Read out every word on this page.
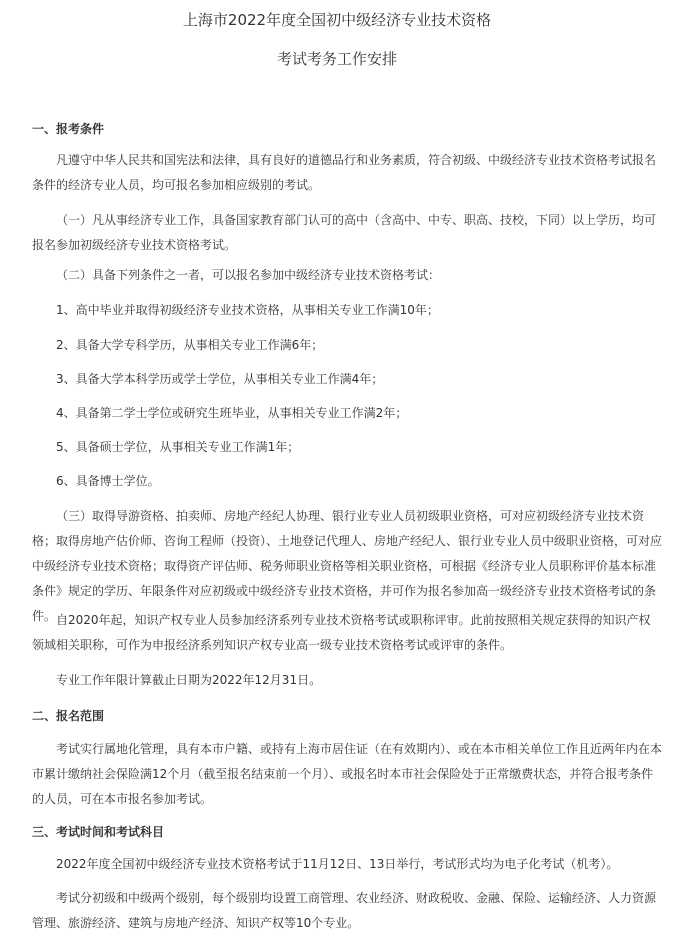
上海市2022年度全国初中级经济专业技术资格
考试考务工作安排

一、报考条件

凡遵守中华人民共和国宪法和法律，具有良好的道德品行和业务素质，符合初级、中级经济专业技术资格考试报名条件的经济专业人员，均可报名参加相应级别的考试。

（一）凡从事经济专业工作，具备国家教育部门认可的高中（含高中、中专、职高、技校，下同）以上学历，均可报名参加初级经济专业技术资格考试。

（二）具备下列条件之一者，可以报名参加中级经济专业技术资格考试：

1、高中毕业并取得初级经济专业技术资格，从事相关专业工作满10年；

2、具备大学专科学历，从事相关专业工作满6年；

3、具备大学本科学历或学士学位，从事相关专业工作满4年；

4、具备第二学士学位或研究生班毕业，从事相关专业工作满2年；

5、具备硕士学位，从事相关专业工作满1年；

6、具备博士学位。

（三）取得导游资格、拍卖师、房地产经纪人协理、银行业专业人员初级职业资格，可对应初级经济专业技术资格；取得房地产估价师、咨询工程师（投资）、土地登记代理人、房地产经纪人、银行业专业人员中级职业资格，可对应中级经济专业技术资格；取得资产评估师、税务师职业资格等相关职业资格，可根据《经济专业人员职称评价基本标准条件》规定的学历、年限条件对应初级或中级经济专业技术资格，并可作为报名参加高一级经济专业技术资格考试的条件。 自2020年起，知识产权专业人员参加经济系列专业技术资格考试或职称评审。此前按照相关规定获得的知识产权领域相关职称，可作为申报经济系列知识产权专业高一级专业技术资格考试或评审的条件。

专业工作年限计算截止日期为2022年12月31日。

二、报名范围

考试实行属地化管理，具有本市户籍、或持有上海市居住证（在有效期内）、或在本市相关单位工作且近两年内在本市累计缴纳社会保险满12个月（截至报名结束前一个月）、或报名时本市社会保险处于正常缴费状态，并符合报考条件的人员，可在本市报名参加考试。

三、考试时间和考试科目

2022年度全国初中级经济专业技术资格考试于11月12日、13日举行，考试形式均为电子化考试（机考）。

考试分初级和中级两个级别，每个级别均设置工商管理、农业经济、财政税收、金融、保险、运输经济、人力资源管理、旅游经济、建筑与房地产经济、知识产权等10个专业。
